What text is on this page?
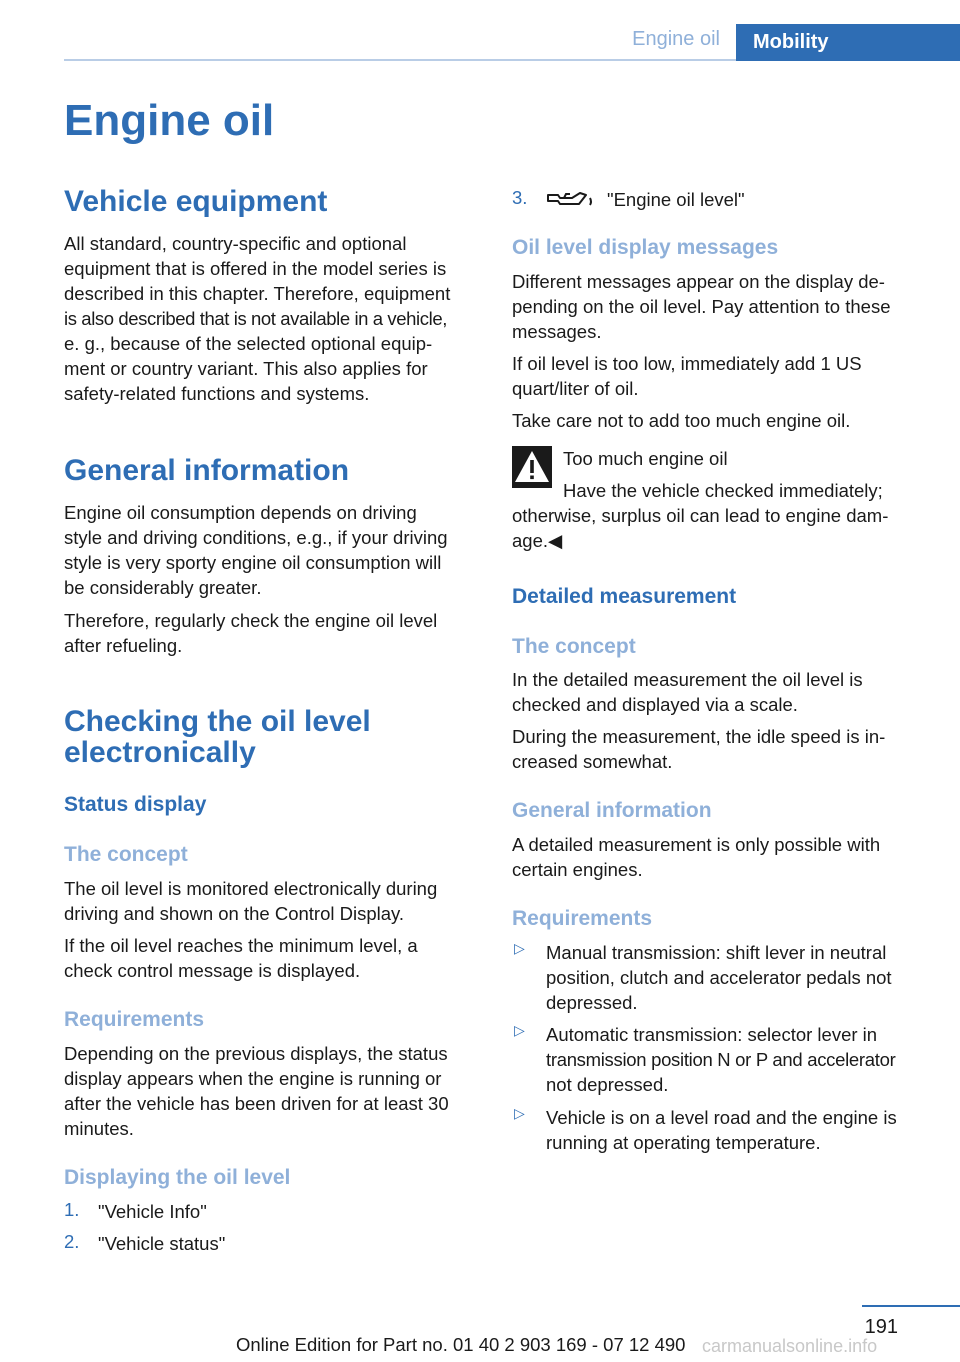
Engine oil	Mobility
Engine oil
Vehicle equipment
All standard, country-specific and optional
equipment that is offered in the model series is
described in this chapter. Therefore, equipment
is also described that is not available in a vehicle,
e. g., because of the selected optional equip‐
ment or country variant. This also applies for
safety-related functions and systems.
General information
Engine oil consumption depends on driving
style and driving conditions, e.g., if your driving
style is very sporty engine oil consumption will
be considerably greater.
Therefore, regularly check the engine oil level
after refueling.
Checking the oil level
electronically
Status display
The concept
The oil level is monitored electronically during
driving and shown on the Control Display.
If the oil level reaches the minimum level, a
check control message is displayed.
Requirements
Depending on the previous displays, the status
display appears when the engine is running or
after the vehicle has been driven for at least 30
minutes.
Displaying the oil level
1. "Vehicle Info"
2. "Vehicle status"
3.	"Engine oil level"
Oil level display messages
Different messages appear on the display de‐
pending on the oil level. Pay attention to these
messages.
If oil level is too low, immediately add 1 US
quart/liter of oil.
Take care not to add too much engine oil.
Too much engine oil
Have the vehicle checked immediately;
otherwise, surplus oil can lead to engine dam‐
age.◀
Detailed measurement
The concept
In the detailed measurement the oil level is
checked and displayed via a scale.
During the measurement, the idle speed is in‐
creased somewhat.
General information
A detailed measurement is only possible with
certain engines.
Requirements
▷ Manual transmission: shift lever in neutral
position, clutch and accelerator pedals not
depressed.
▷ Automatic transmission: selector lever in
transmission position N or P and accelerator
not depressed.
▷ Vehicle is on a level road and the engine is
running at operating temperature.
191
Online Edition for Part no. 01 40 2 903 169 - 07 12 490 carmanualsonline.info
